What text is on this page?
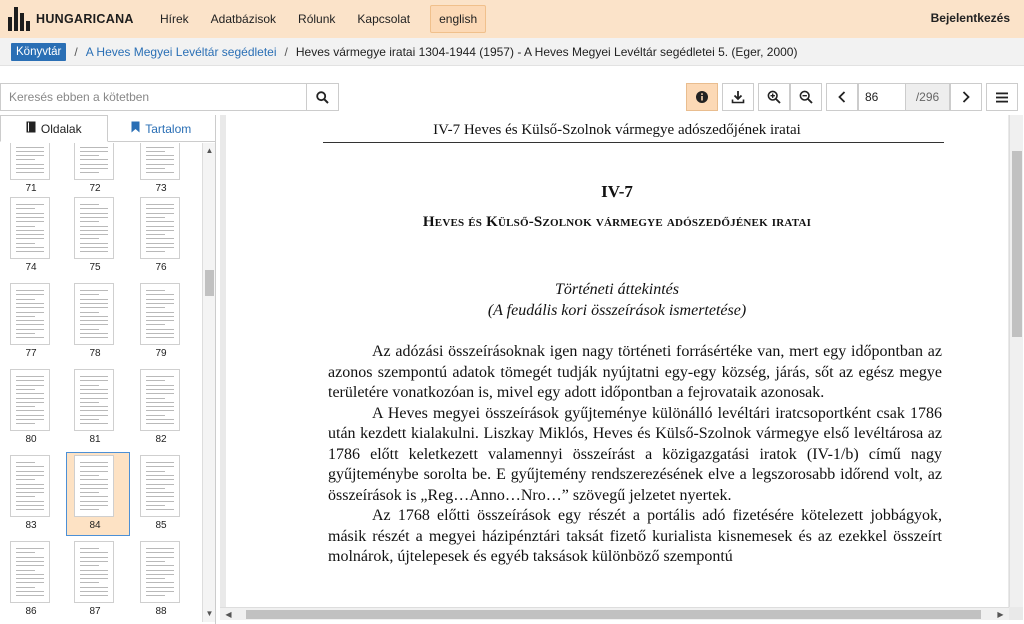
HUNGARICANA Hírek Adatbázisok Rólunk Kapcsolat	english	Bejelentkezés
Könyvtár	/ A Heves Megyei Levéltár segédletei / Heves vármegye iratai 1304-1944 (1957) - A Heves Megyei Levéltár segédletei 5. (Eger, 2000)
Keresés ebben a kötetben	86	/296
Oldalak	Tartalom
71	72	73
74	75	76
77	78	79
80	81	82
83	84	85
86	87	88
▲
▼
IV-7 Heves és Külső-Szolnok vármegye adószedőjének iratai
IV-7
Heves és Külső-Szolnok vármegye adószedőjének iratai
Történeti áttekintés
(A feudális kori összeírások ismertetése)

Az adózási összeírásoknak igen nagy történeti forrásértéke van, mert egy időpontban az azonos szempontú adatok tömegét tudják nyújtatni egy-egy község, járás, sőt az egész megye területére vonatkozóan is, mivel egy adott időpontban a fejrovataik azonosak.

A Heves megyei összeírások gyűjteménye különálló levéltári iratcsoportként csak 1786 után kezdett kialakulni. Liszkay Miklós, Heves és Külső-Szolnok vármegye első levéltárosa az 1786 előtt keletkezett valamennyi összeírást a közigazgatási iratok (IV-1/b) című nagy gyűjteménybe sorolta be. E gyűjtemény rendszerezésének elve a legszorosabb időrend volt, az összeírások is „Reg…Anno…Nro…” szövegű jelzetet nyertek.

Az 1768 előtti összeírások egy részét a portális adó fizetésére kötelezett jobbágyok, másik részét a megyei házipénztári taksát fizető kurialista kisnemesek és az ezekkel összeírt molnárok, újtelepesek és egyéb taksások különböző szempontú

◀	▶
